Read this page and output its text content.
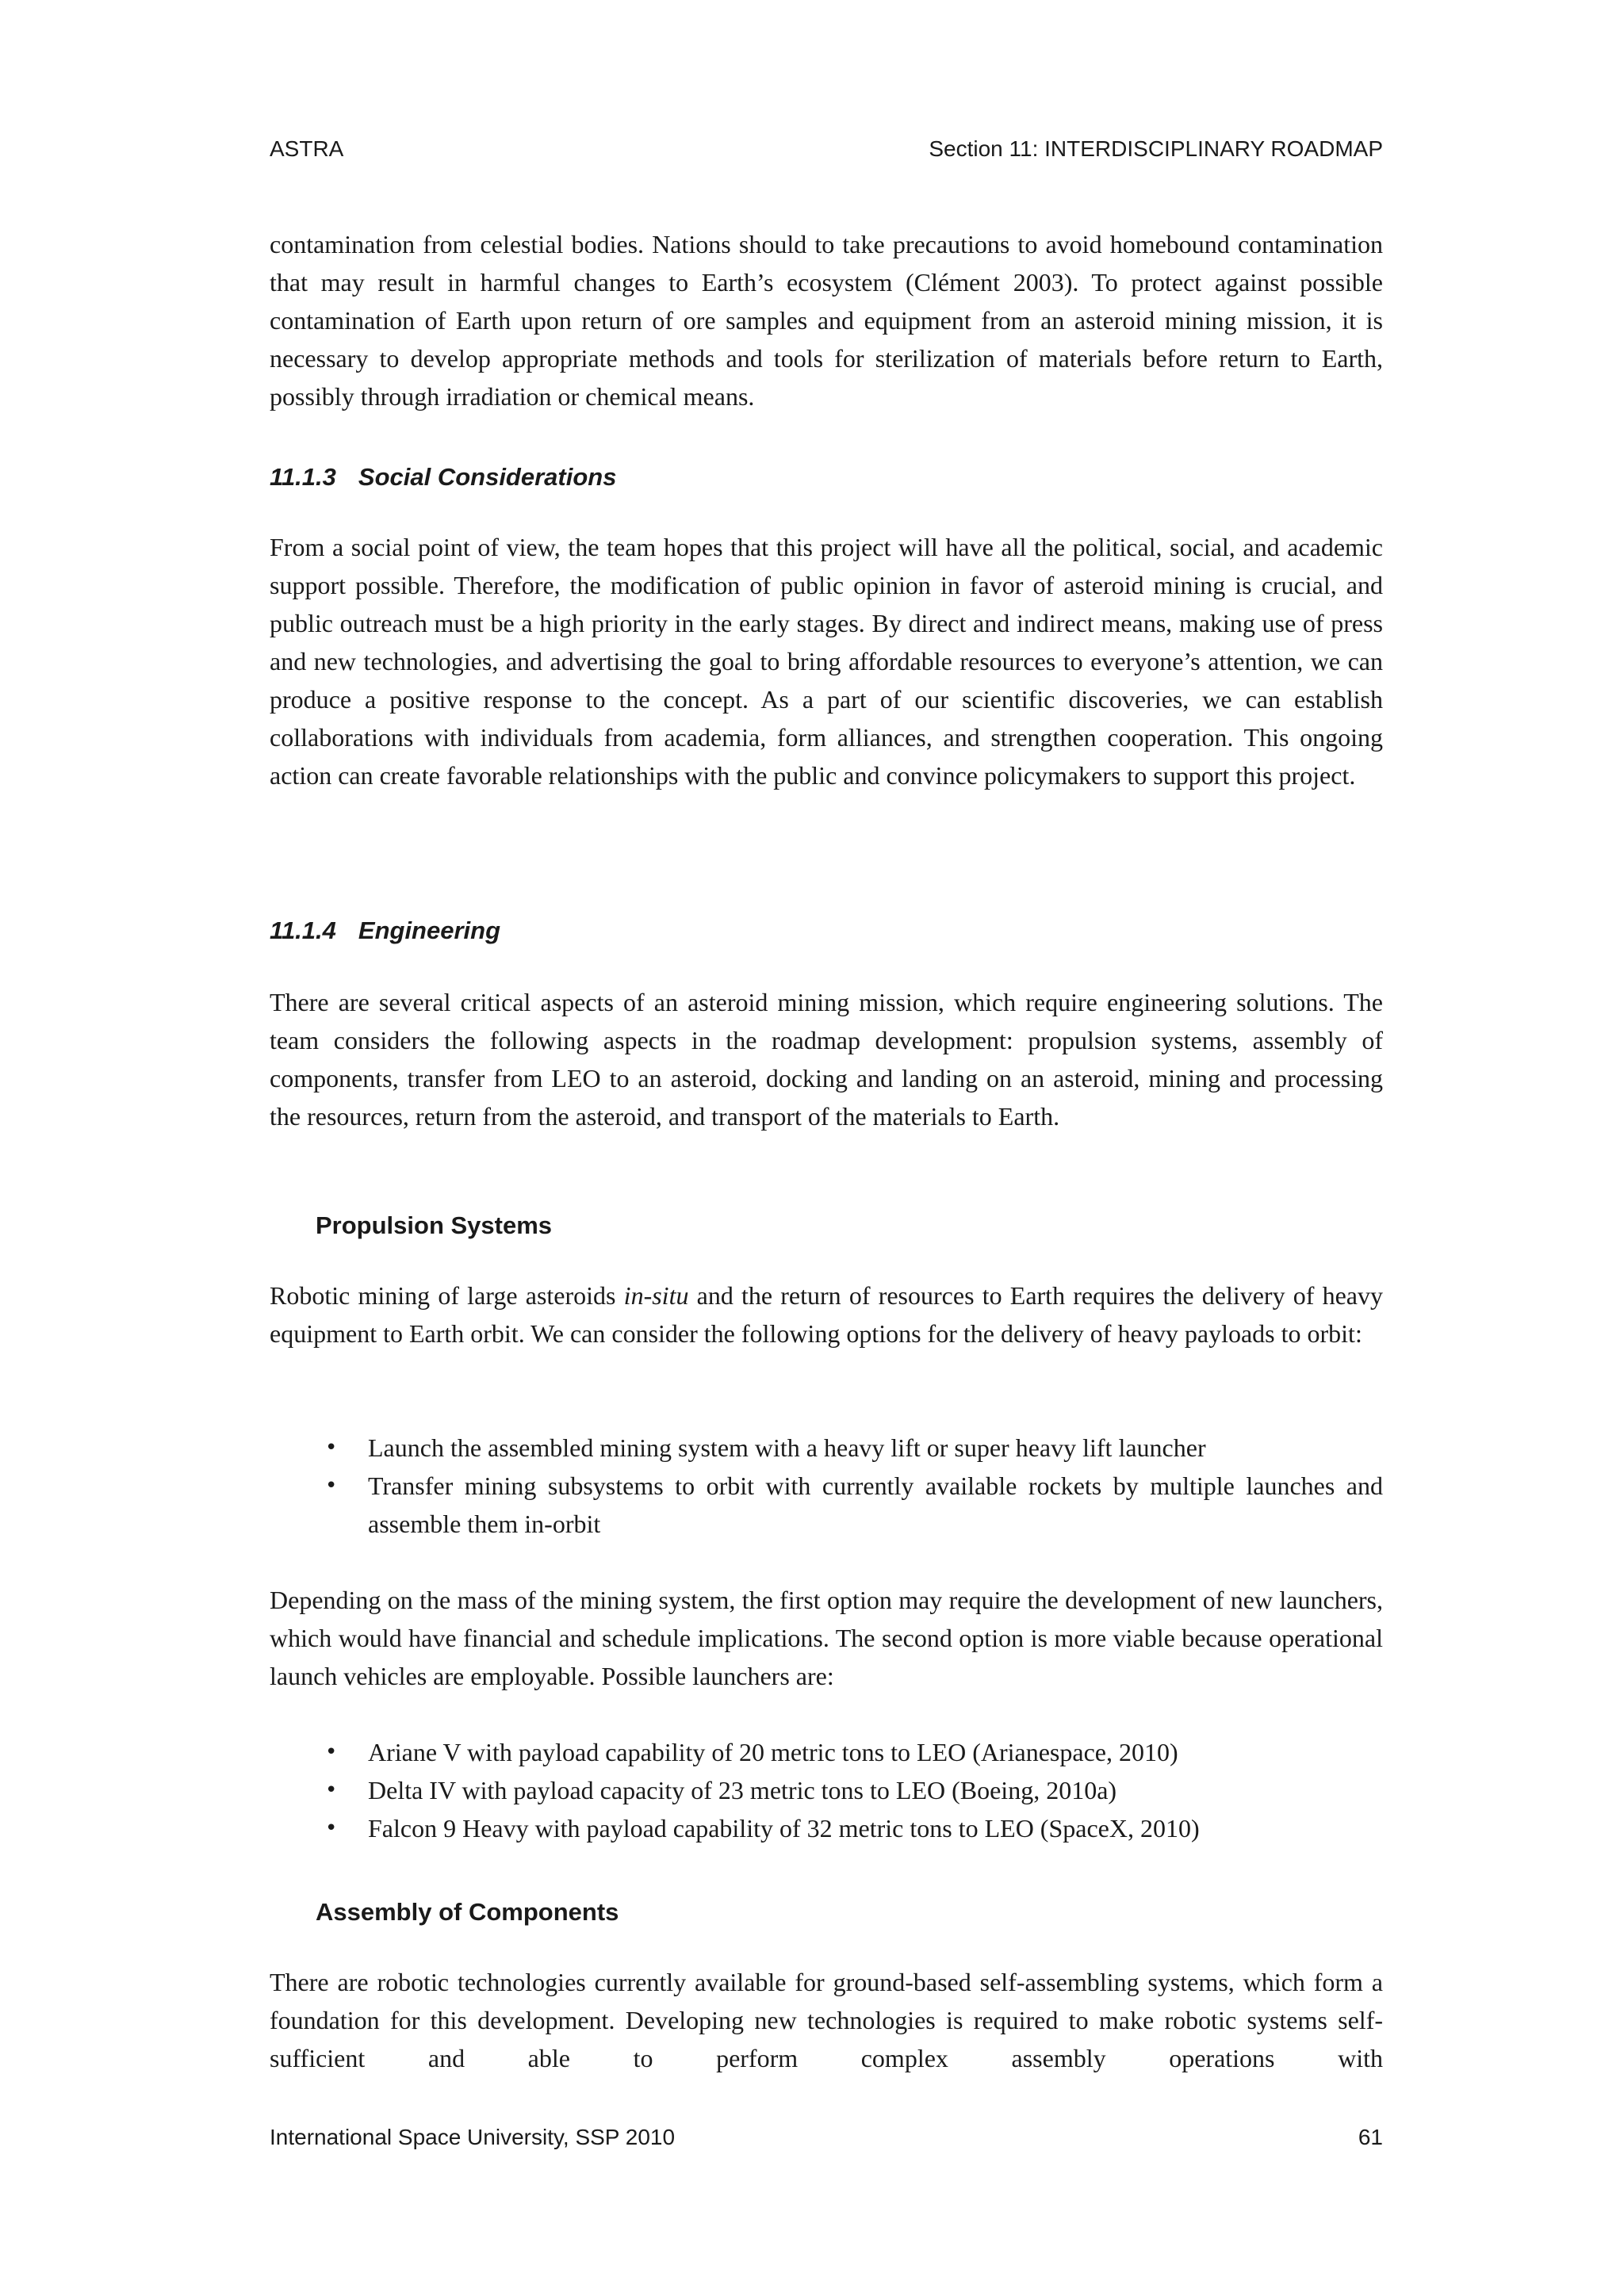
ASTRA	Section 11: INTERDISCIPLINARY ROADMAP

contamination from celestial bodies. Nations should to take precautions to avoid homebound contamination that may result in harmful changes to Earth’s ecosystem (Clément 2003). To protect against possible contamination of Earth upon return of ore samples and equipment from an asteroid mining mission, it is necessary to develop appropriate methods and tools for sterilization of materials before return to Earth, possibly through irradiation or chemical means.

11.1.3 Social Considerations

From a social point of view, the team hopes that this project will have all the political, social, and academic support possible. Therefore, the modification of public opinion in favor of asteroid mining is crucial, and public outreach must be a high priority in the early stages. By direct and indirect means, making use of press and new technologies, and advertising the goal to bring affordable resources to everyone’s attention, we can produce a positive response to the concept. As a part of our scientific discoveries, we can establish collaborations with individuals from academia, form alliances, and strengthen cooperation. This ongoing action can create favorable relationships with the public and convince policymakers to support this project.

11.1.4 Engineering

There are several critical aspects of an asteroid mining mission, which require engineering solutions. The team considers the following aspects in the roadmap development: propulsion systems, assembly of components, transfer from LEO to an asteroid, docking and landing on an asteroid, mining and processing the resources, return from the asteroid, and transport of the materials to Earth.

Propulsion Systems

Robotic mining of large asteroids in-situ and the return of resources to Earth requires the delivery of heavy equipment to Earth orbit. We can consider the following options for the delivery of heavy payloads to orbit:

• Launch the assembled mining system with a heavy lift or super heavy lift launcher
• Transfer mining subsystems to orbit with currently available rockets by multiple launches and assemble them in-orbit

Depending on the mass of the mining system, the first option may require the development of new launchers, which would have financial and schedule implications. The second option is more viable because operational launch vehicles are employable. Possible launchers are:

• Ariane V with payload capability of 20 metric tons to LEO (Arianespace, 2010)
• Delta IV with payload capacity of 23 metric tons to LEO (Boeing, 2010a)
• Falcon 9 Heavy with payload capability of 32 metric tons to LEO (SpaceX, 2010)

Assembly of Components

There are robotic technologies currently available for ground-based self-assembling systems, which form a foundation for this development. Developing new technologies is required to make robotic systems self-sufficient and able to perform complex assembly operations with

International Space University, SSP 2010	61
